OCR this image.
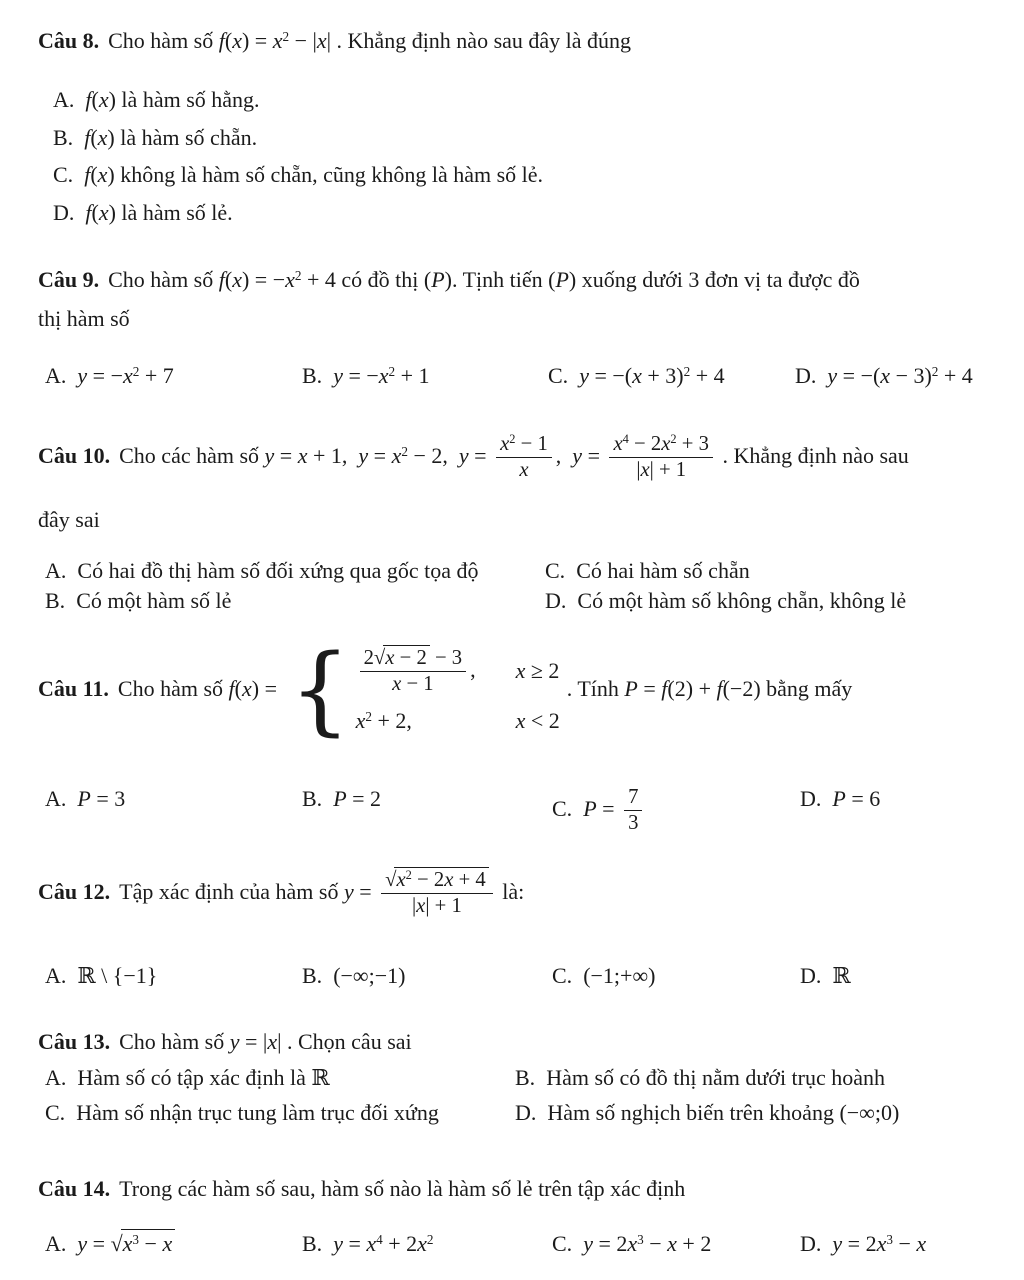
Câu 8. Cho hàm số $f(x) = x^2 - |x|$ . Khẳng định nào sau đây là đúng
A. f(x) là hàm số hằng.
B. f(x) là hàm số chẵn.
C. f(x) không là hàm số chẵn, cũng không là hàm số lẻ.
D. f(x) là hàm số lẻ.
Câu 9. Cho hàm số $f(x) = -x^2 + 4$ có đồ thị (P). Tịnh tiến (P) xuống dưới 3 đơn vị ta được đồ
thị hàm số
A. $y = -x^2 + 7$	B. $y = -x^2 + 1$	C. $y = -(x + 3)^2 + 4$	D. $y = -(x - 3)^2 + 4$
Câu 10. Cho các hàm số y = x + 1, $y = x^2 - 2$, $y = \frac{x^2 - 1}{x}$ , $y = \frac{x^4 - 2x^2 + 3}{|x| + 1}$ . Khẳng định nào sau
đây sai
A. Có hai đồ thị hàm số đối xứng qua gốc tọa độ
B. Có một hàm số lẻ
C. Có hai hàm số chẵn
D. Có một hàm số không chẵn, không lẻ
Câu 11. Cho hàm số f(x) = { $\frac{2√x - 2 - 3}{x - 1}$ ,	x ≥ 2
$x^2 + 2$,	x < 2
. Tính P = f(2) + f(−2) bằng mấy
A. P = 3	B. P = 2	C. $P = \frac{7}{3}$	D. P = 6
Câu 12. Tập xác định của hàm số $y = \frac{√x^2 - 2x + 4}{|x| + 1}$ là:
A. ℝ \ {−1}	B. (−∞;−1)	C. (−1;+∞)	D. ℝ
Câu 13. Cho hàm số y = |x| . Chọn câu sai
A. Hàm số có tập xác định là ℝ	B. Hàm số có đồ thị nằm dưới trục hoành
C. Hàm số nhận trục tung làm trục đối xứng	D. Hàm số nghịch biến trên khoảng (−∞;0)
Câu 14. Trong các hàm số sau, hàm số nào là hàm số lẻ trên tập xác định
A. $y = √x^3 - x$	B. $y = x^4 + 2x^2$	C. $y = 2x^3 - x + 2$	D. $y = 2x^3 - x$
